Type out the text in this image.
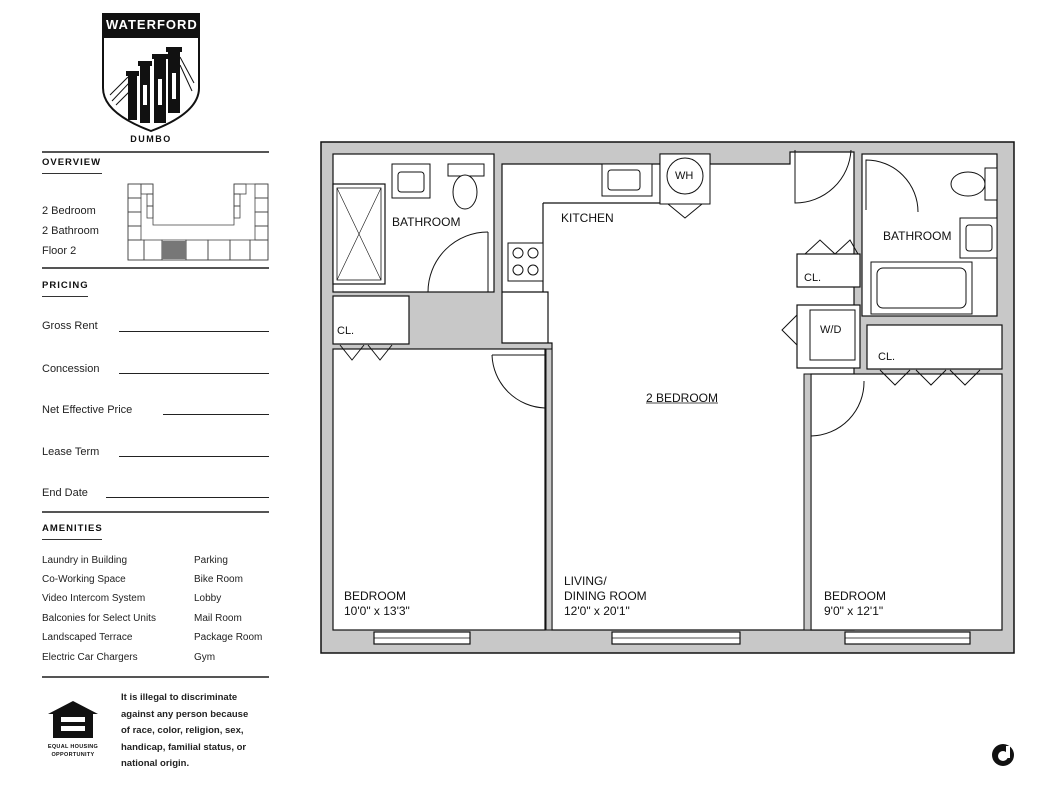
WATERFORD
DUMBO
OVERVIEW
2 Bedroom
2 Bathroom
Floor 2
PRICING
Gross Rent
Concession
Net Effective Price
Lease Term
End Date
AMENITIES
Laundry in Building
Co-Working Space
Video Intercom System
Balconies for Select Units
Landscaped Terrace
Electric Car Chargers
Parking
Bike Room
Lobby
Mail Room
Package Room
Gym
EQUAL HOUSING
OPPORTUNITY
It is illegal to discriminate
against any person because
of race, color, religion, sex,
handicap, familial status, or
national origin.
2 BEDROOM
BATHROOM	KITCHEN
WH
BATHROOM
CL.
CL.
W/D
CL.
BEDROOM
10'0" x 13'3"
LIVING/
DINING ROOM
12'0" x 20'1"
BEDROOM
9'0" x 12'1"
